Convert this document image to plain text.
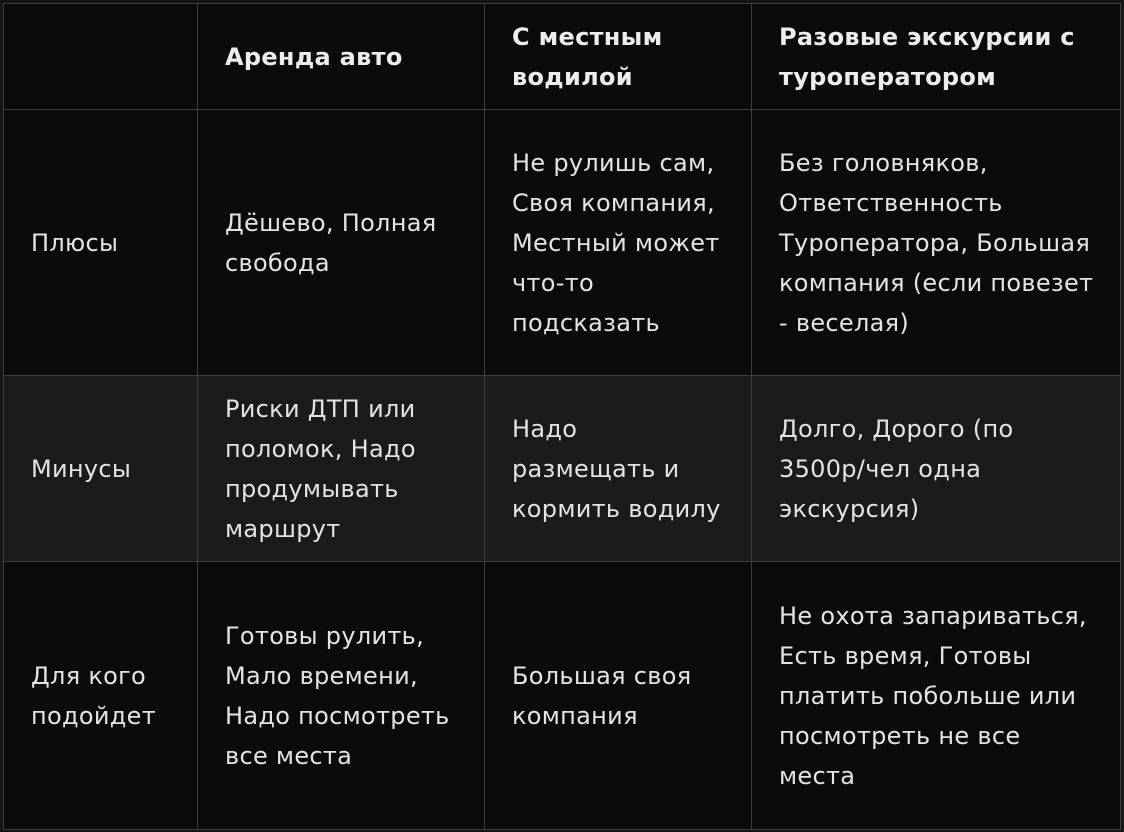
	Аренда авто	С местным водилой	Разовые экскурсии с туроператором
Плюсы	Дёшево, Полная свобода	Не рулишь сам, Своя компания, Местный может что-то подсказать	Без головняков, Ответственность Туроператора, Большая компания (если повезет - веселая)
Минусы	Риски ДТП или поломок, Надо продумывать маршрут	Надо размещать и кормить водилу	Долго, Дорого (по 3500р/чел одна экскурсия)
Для кого подойдет	Готовы рулить, Мало времени, Надо посмотреть все места	Большая своя компания	Не охота запариваться, Есть время, Готовы платить побольше или посмотреть не все места
